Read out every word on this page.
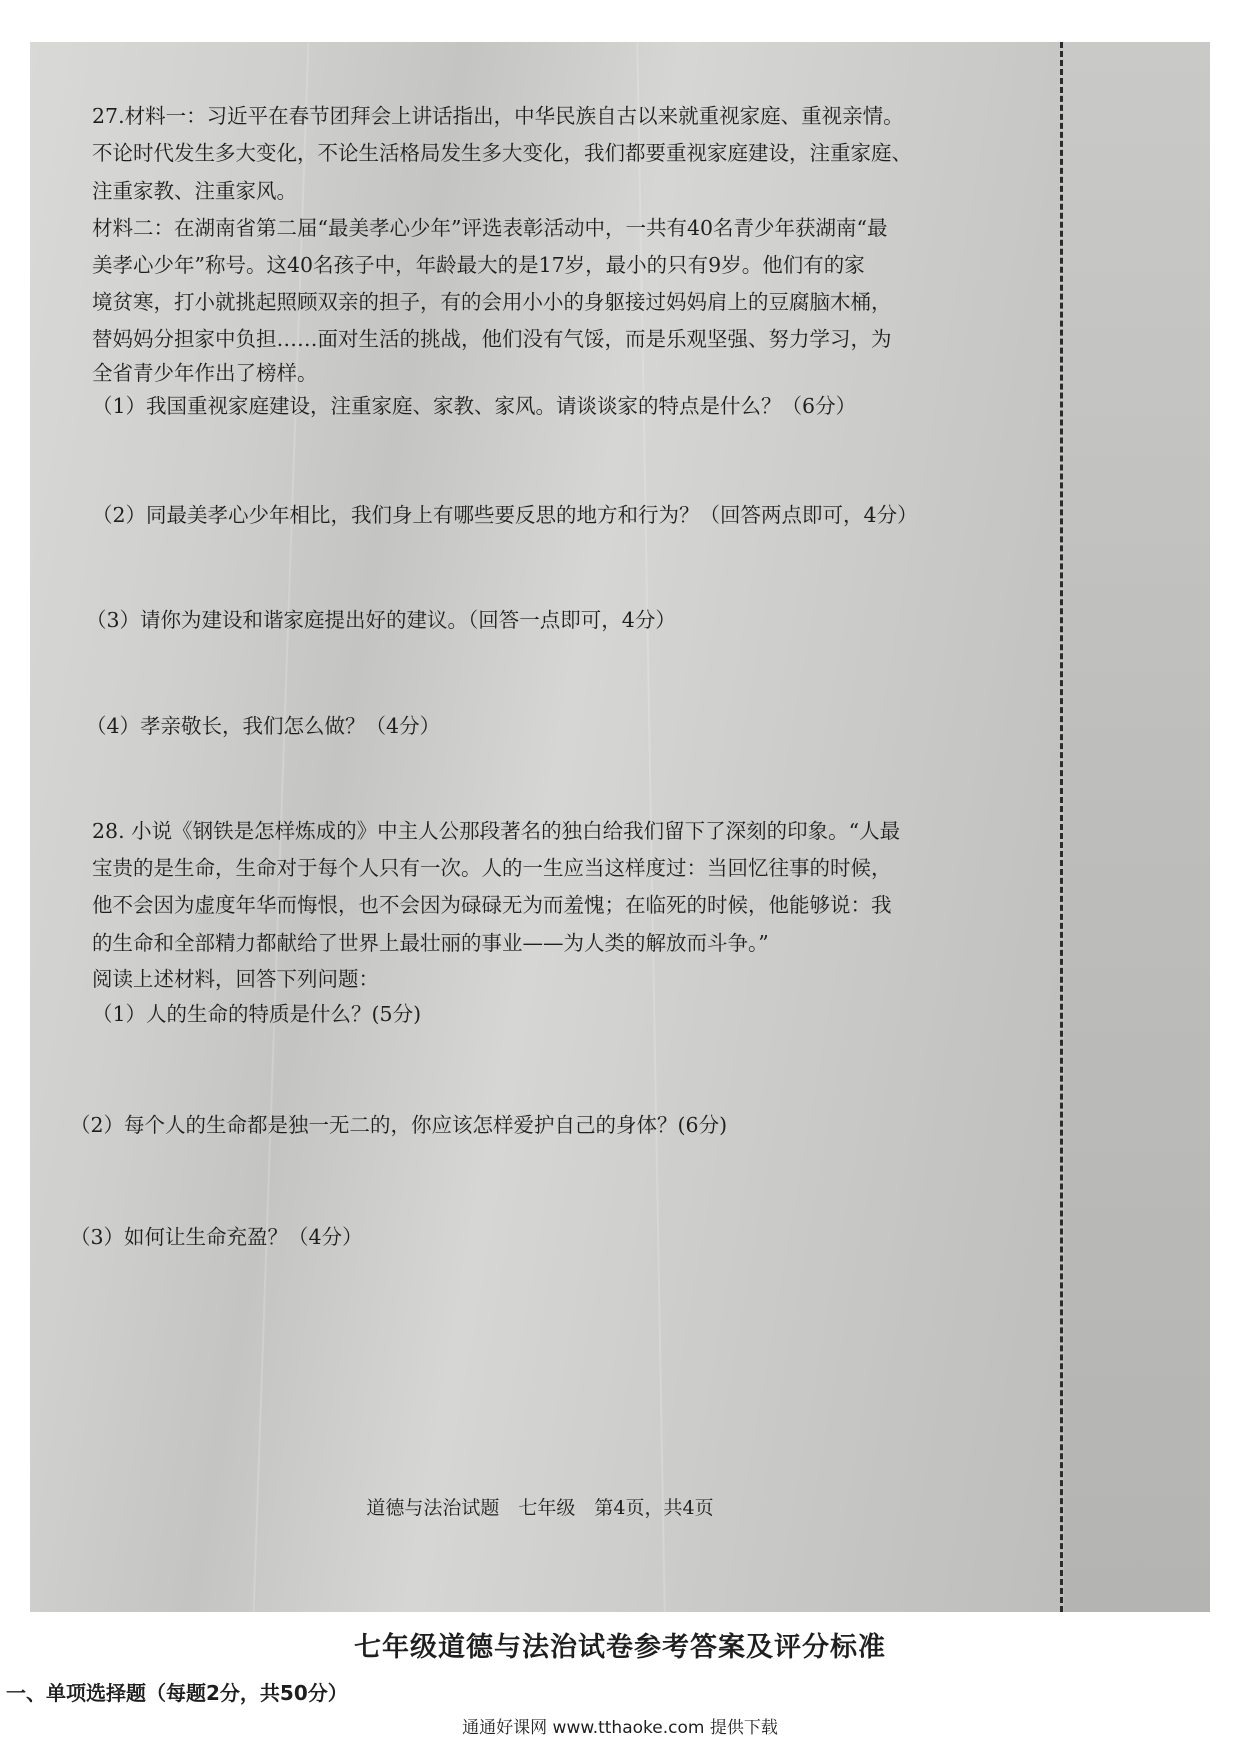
27.材料一：习近平在春节团拜会上讲话指出，中华民族自古以来就重视家庭、重视亲情。
不论时代发生多大变化，不论生活格局发生多大变化，我们都要重视家庭建设，注重家庭、
注重家教、注重家风。
材料二：在湖南省第二届“最美孝心少年”评选表彰活动中，一共有40名青少年获湖南“最
美孝心少年”称号。这40名孩子中，年龄最大的是17岁，最小的只有9岁。他们有的家
境贫寒，打小就挑起照顾双亲的担子，有的会用小小的身躯接过妈妈肩上的豆腐脑木桶，
替妈妈分担家中负担……面对生活的挑战，他们没有气馁，而是乐观坚强、努力学习，为
全省青少年作出了榜样。
（1）我国重视家庭建设，注重家庭、家教、家风。请谈谈家的特点是什么？（6分）
（2）同最美孝心少年相比，我们身上有哪些要反思的地方和行为？（回答两点即可，4分）
（3）请你为建设和谐家庭提出好的建议。（回答一点即可，4分）
（4）孝亲敬长，我们怎么做？（4分）
28. 小说《钢铁是怎样炼成的》中主人公那段著名的独白给我们留下了深刻的印象。“人最
宝贵的是生命，生命对于每个人只有一次。人的一生应当这样度过：当回忆往事的时候，
他不会因为虚度年华而悔恨，也不会因为碌碌无为而羞愧；在临死的时候，他能够说：我
的生命和全部精力都献给了世界上最壮丽的事业——为人类的解放而斗争。”
阅读上述材料，回答下列问题：
（1）人的生命的特质是什么？(5分)
（2）每个人的生命都是独一无二的，你应该怎样爱护自己的身体？(6分)
（3）如何让生命充盈？（4分）
道德与法治试题　七年级　第4页，共4页
七年级道德与法治试卷参考答案及评分标准
一、单项选择题（每题2分，共50分）
通通好课网 www.tthaoke.com 提供下载
